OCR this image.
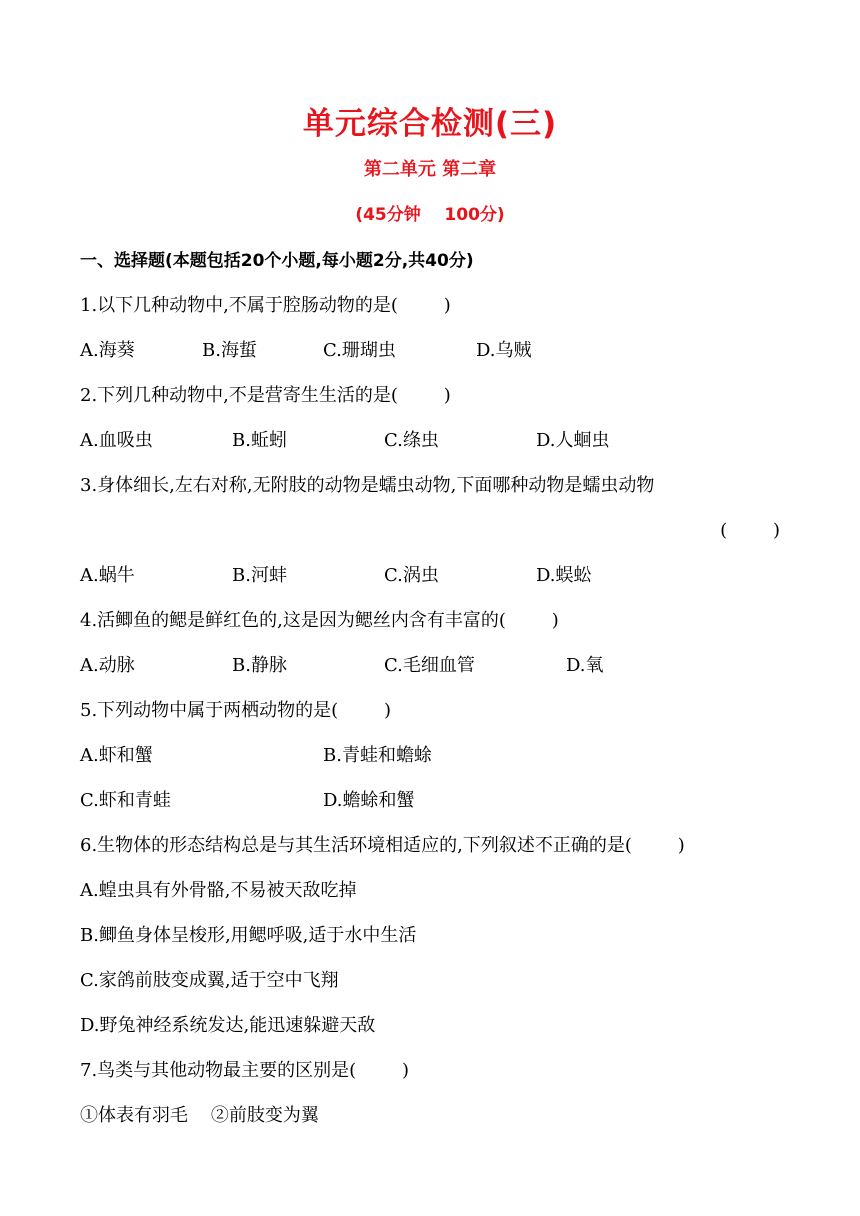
单元综合检测(三)
第二单元 第二章
(45分钟    100分)
一、选择题(本题包括20个小题,每小题2分,共40分)
1.以下几种动物中,不属于腔肠动物的是(        )
A.海葵	B.海蜇	C.珊瑚虫	D.乌贼
2.下列几种动物中,不是营寄生生活的是(        )
A.血吸虫	B.蚯蚓	C.绦虫	D.人蛔虫
3.身体细长,左右对称,无附肢的动物是蠕虫动物,下面哪种动物是蠕虫动物
(        )
A.蜗牛	B.河蚌	C.涡虫	D.蜈蚣
4.活鲫鱼的鳃是鲜红色的,这是因为鳃丝内含有丰富的(        )
A.动脉	B.静脉	C.毛细血管	D.氧
5.下列动物中属于两栖动物的是(        )
A.虾和蟹	B.青蛙和蟾蜍
C.虾和青蛙	D.蟾蜍和蟹
6.生物体的形态结构总是与其生活环境相适应的,下列叙述不正确的是(        )
A.蝗虫具有外骨骼,不易被天敌吃掉
B.鲫鱼身体呈梭形,用鳃呼吸,适于水中生活
C.家鸽前肢变成翼,适于空中飞翔
D.野兔神经系统发达,能迅速躲避天敌
7.鸟类与其他动物最主要的区别是(        )
①体表有羽毛    ②前肢变为翼
